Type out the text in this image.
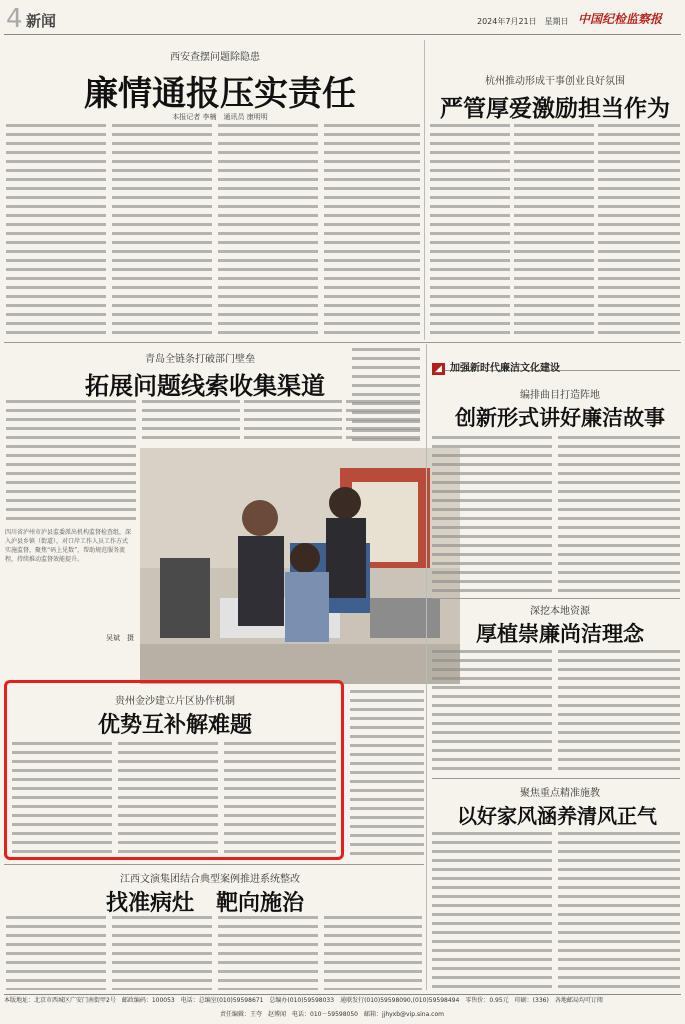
4 新闻	2024年7月21日　星期日 中国纪检监察报
西安查摆问题除隐患
廉情通报压实责任
本报记者 李楠　通讯员 康明明
杭州推动形成干事创业良好氛围
严管厚爱激励担当作为
青岛全链条打破部门壁垒
拓展问题线索收集渠道
四川省泸州市泸县监委派出机构监督检查组，深入泸县乡镇（街道），对口岸工作人员工作方式实施监督，聚焦“码上见数”，帮助规范服务流程，持续推动监督效能提升。
吴斌　摄
贵州金沙建立片区协作机制
优势互补解难题
江西文演集团结合典型案例推进系统整改
找准病灶　靶向施治
◢ 加强新时代廉洁文化建设
编排曲目打造阵地
创新形式讲好廉洁故事
深挖本地资源
厚植崇廉尚洁理念
聚焦重点精准施教
以好家风涵养清风正气
本版地址：北京市西城区广安门南街甲2号　邮政编码：100053　电话：总编室(010)59598671　总编办(010)59598033　通联发行(010)59598090,(010)59598494　零售价：0.95元　印刷：(336)　各地邮局均可订阅
责任编辑：王夸　赵博闻　电话：010－59598050　邮箱：jjhyxb@vip.sina.com
